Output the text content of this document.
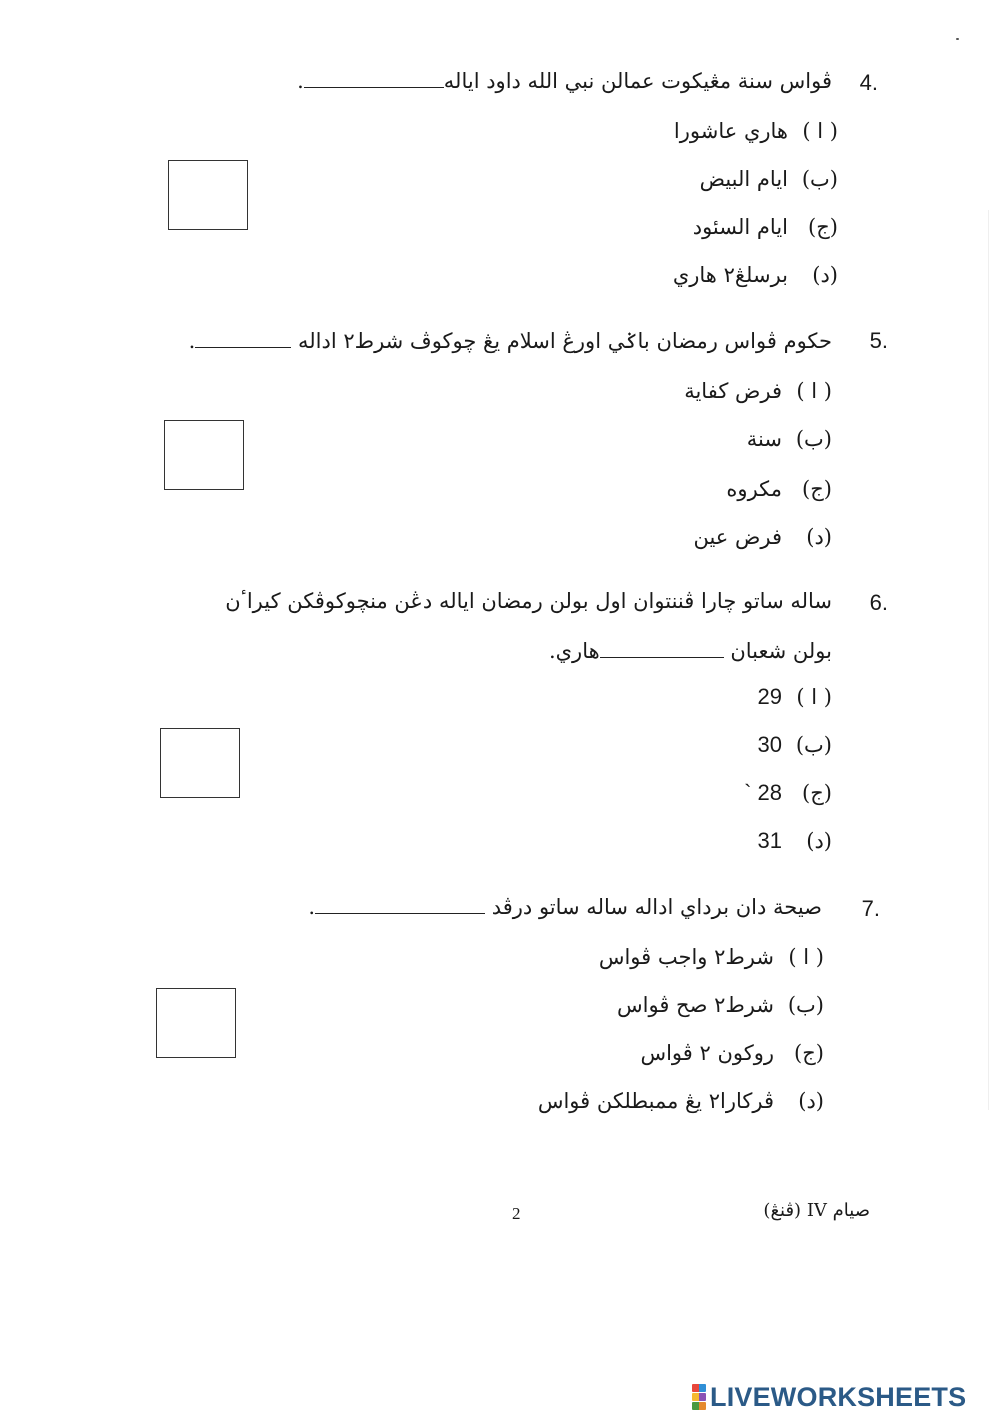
4.
ڤواس سنة مڠيکوت عمالن نبي الله داود اياله.
( ا )هاري عاشورا
(ب)ايام البيض
(ج)ايام السئود
(د)برسلڠ٢ هاري
5.
حکوم ڤواس رمضان باݢي اورڠ اسلام يڠ چوکوڤ شرط٢ اداله .
( ا )فرض کفاية
(ب)سنة
(ج)مکروه
(د)فرض عين
6.
ساله ساتو چارا ڤننتوان اول بولن رمضان اياله دڠن منچوکوڤکن کيراٴن
بولن شعبان هاري.
( ا )29
(ب)30
(ج)28 `
(د)31
7.
صيحة دان برداي اداله ساله ساتو درڤد .
( ا )شرط٢ واجب ڤواس
(ب)شرط٢ صح ڤواس
(ج)روکون ٢ ڤواس
(د)ڤرکارا٢ يڠ ممبطلکن ڤواس
صيام IV (ڤنڠ)
2
LIVEWORKSHEETS
